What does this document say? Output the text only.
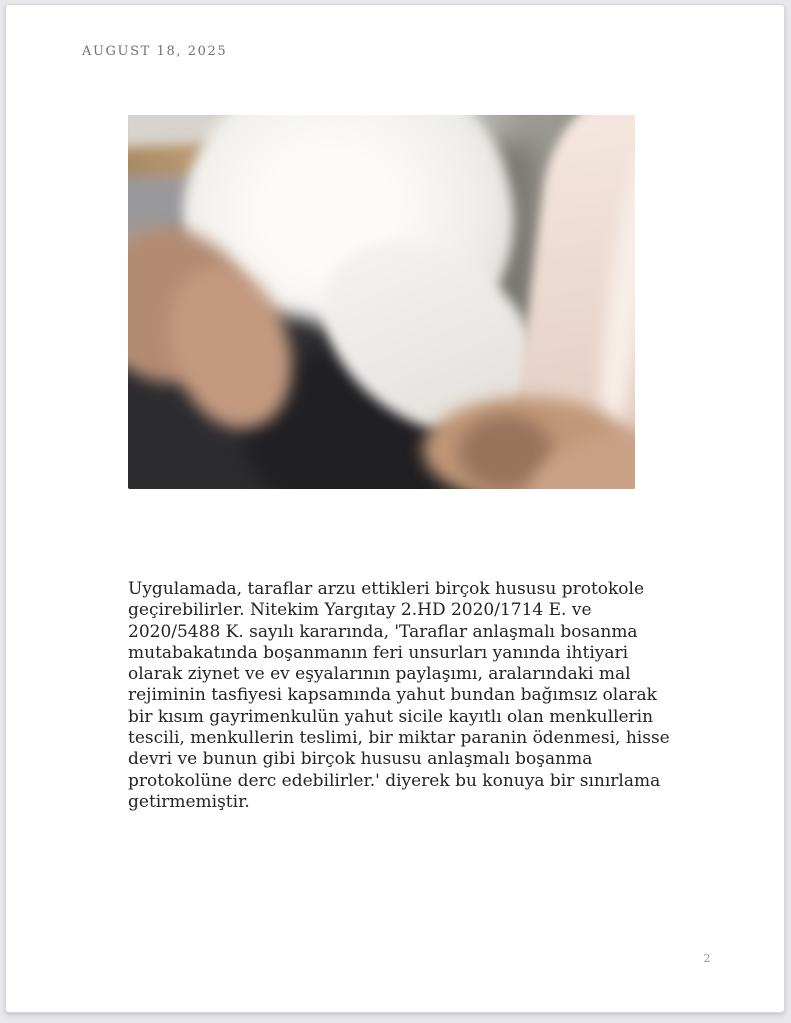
AUGUST 18, 2025
Uygulamada, taraflar arzu ettikleri birçok hususu protokole
geçirebilirler. Nitekim Yargıtay 2.HD 2020/1714 E. ve
2020/5488 K. sayılı kararında, 'Taraflar anlaşmalı bosanma
mutabakatında boşanmanın feri unsurları yanında ihtiyari
olarak ziynet ve ev eşyalarının paylaşımı, aralarındaki mal
rejiminin tasfiyesi kapsamında yahut bundan bağımsız olarak
bir kısım gayrimenkulün yahut sicile kayıtlı olan menkullerin
tescili, menkullerin teslimi, bir miktar paranin ödenmesi, hisse
devri ve bunun gibi birçok hususu anlaşmalı boşanma
protokolüne derc edebilirler.' diyerek bu konuya bir sınırlama
getirmemiştir.
2
